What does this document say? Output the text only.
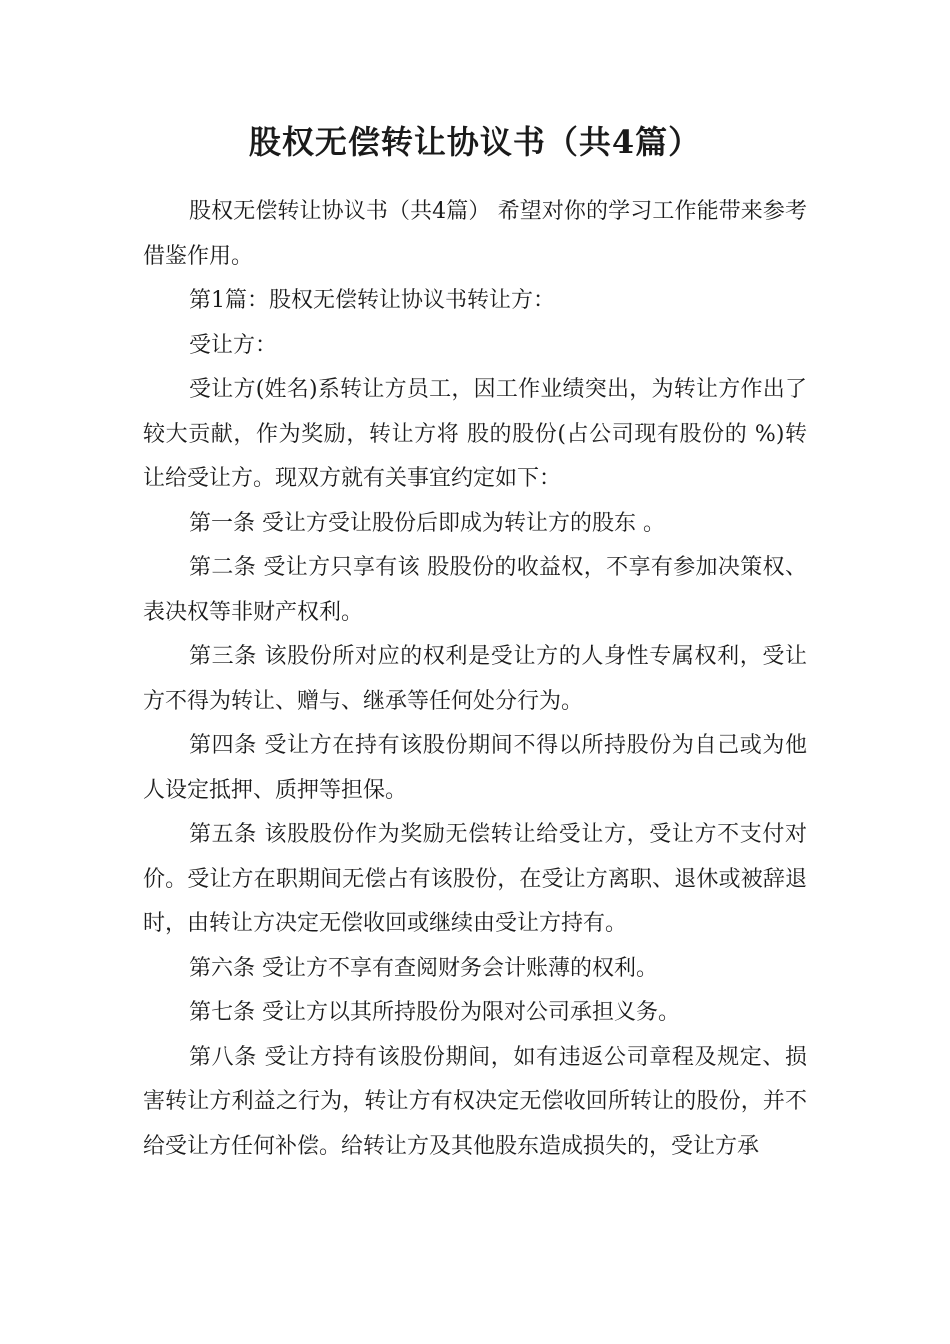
股权无偿转让协议书（共4篇）

股权无偿转让协议书（共4篇） 希望对你的学习工作能带来参考借鉴作用。

第1篇：股权无偿转让协议书转让方：

受让方：

受让方(姓名)系转让方员工，因工作业绩突出，为转让方作出了较大贡献，作为奖励，转让方将 股的股份(占公司现有股份的 %)转让给受让方。现双方就有关事宜约定如下：

第一条 受让方受让股份后即成为转让方的股东 。

第二条 受让方只享有该 股股份的收益权，不享有参加决策权、表决权等非财产权利。

第三条 该股份所对应的权利是受让方的人身性专属权利，受让方不得为转让、赠与、继承等任何处分行为。

第四条 受让方在持有该股份期间不得以所持股份为自己或为他人设定抵押、质押等担保。

第五条 该股股份作为奖励无偿转让给受让方，受让方不支付对价。受让方在职期间无偿占有该股份，在受让方离职、退休或被辞退时，由转让方决定无偿收回或继续由受让方持有。

第六条 受让方不享有查阅财务会计账薄的权利。

第七条 受让方以其所持股份为限对公司承担义务。

第八条 受让方持有该股份期间，如有违返公司章程及规定、损害转让方利益之行为，转让方有权决定无偿收回所转让的股份，并不给受让方任何补偿。给转让方及其他股东造成损失的，受让方承
